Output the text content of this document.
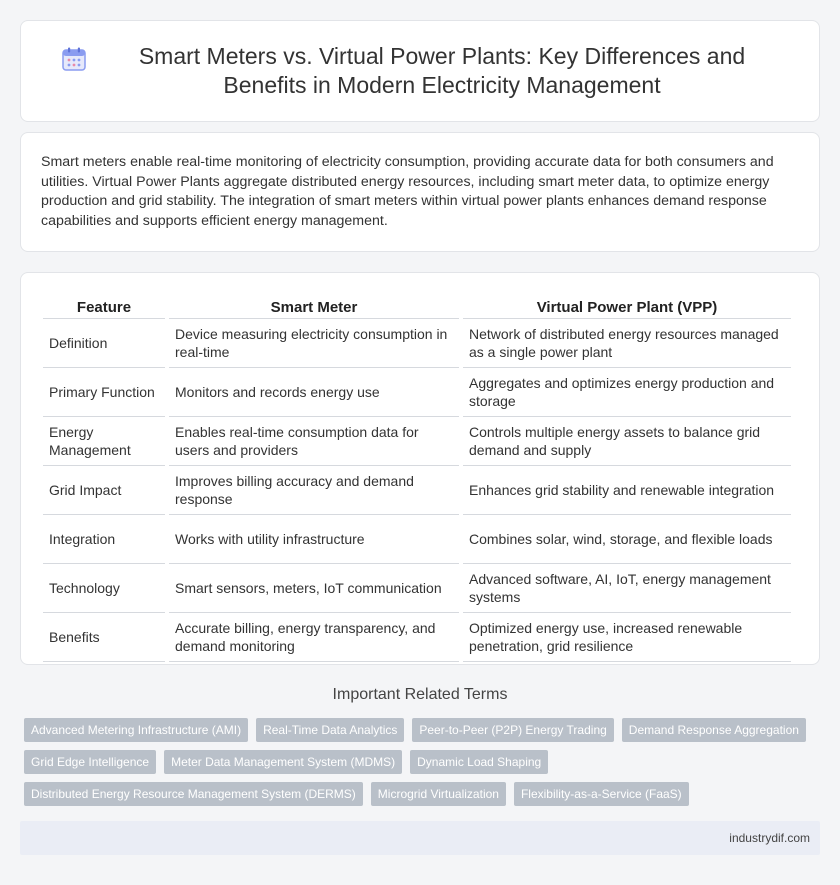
Smart Meters vs. Virtual Power Plants: Key Differences and Benefits in Modern Electricity Management

Smart meters enable real-time monitoring of electricity consumption, providing accurate data for both consumers and utilities. Virtual Power Plants aggregate distributed energy resources, including smart meter data, to optimize energy production and grid stability. The integration of smart meters within virtual power plants enhances demand response capabilities and supports efficient energy management.

Feature	Smart Meter	Virtual Power Plant (VPP)
Definition	Device measuring electricity consumption in real-time	Network of distributed energy resources managed as a single power plant
Primary Function	Monitors and records energy use	Aggregates and optimizes energy production and storage
Energy Management	Enables real-time consumption data for users and providers	Controls multiple energy assets to balance grid demand and supply
Grid Impact	Improves billing accuracy and demand response	Enhances grid stability and renewable integration
Integration	Works with utility infrastructure	Combines solar, wind, storage, and flexible loads
Technology	Smart sensors, meters, IoT communication	Advanced software, AI, IoT, energy management systems
Benefits	Accurate billing, energy transparency, and demand monitoring	Optimized energy use, increased renewable penetration, grid resilience
Important Related Terms
Advanced Metering Infrastructure (AMI)	Real-Time Data Analytics	Peer-to-Peer (P2P) Energy Trading	Demand Response Aggregation
Grid Edge Intelligence	Meter Data Management System (MDMS)	Dynamic Load Shaping
Distributed Energy Resource Management System (DERMS)	Microgrid Virtualization	Flexibility-as-a-Service (FaaS)
industrydif.com
